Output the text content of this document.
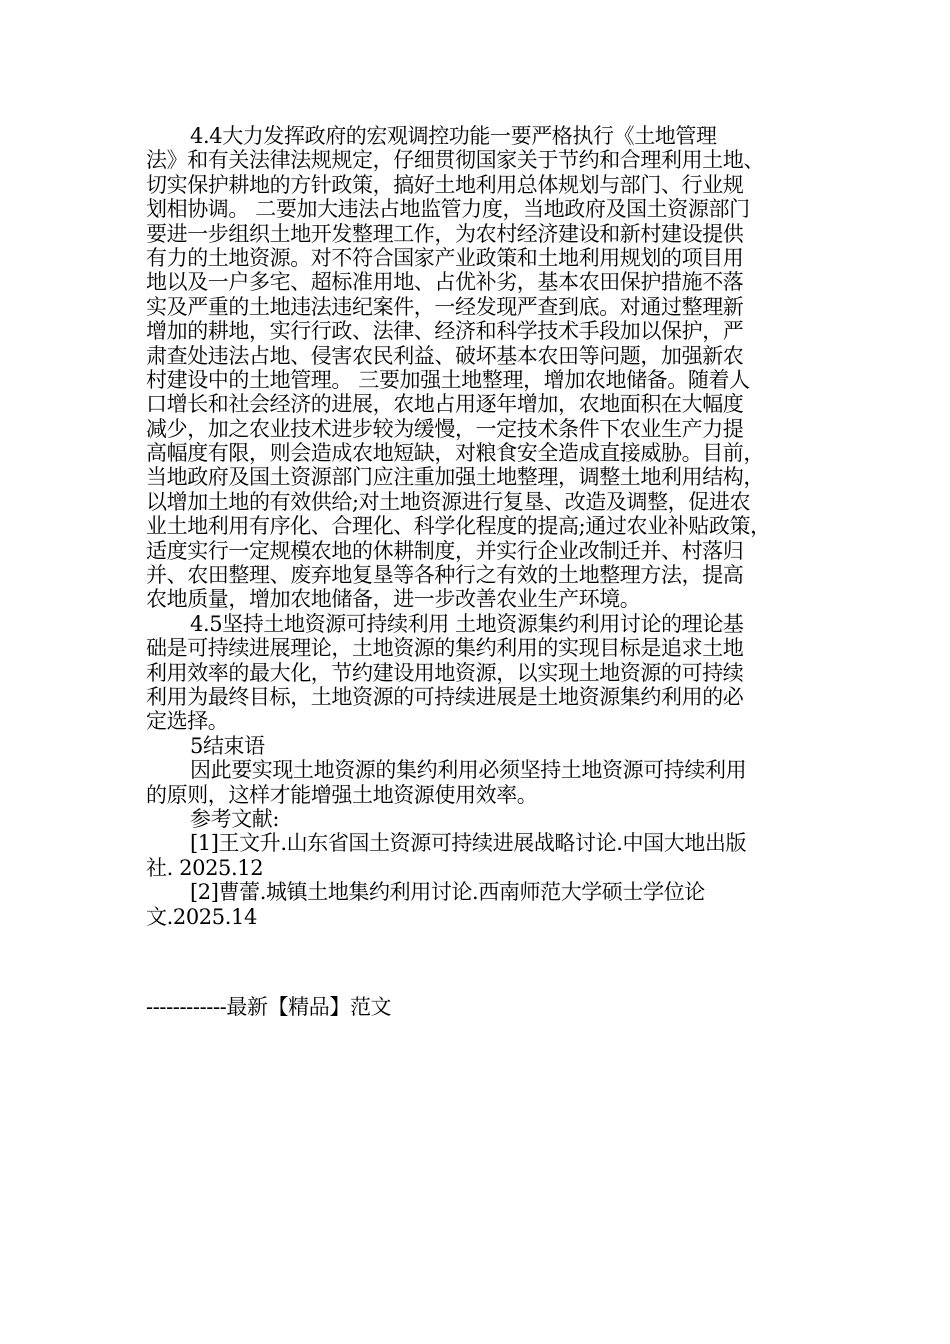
4.4大力发挥政府的宏观调控功能一要严格执行《土地管理
法》和有关法律法规规定，仔细贯彻国家关于节约和合理利用土地、
切实保护耕地的方针政策，搞好土地利用总体规划与部门、行业规
划相协调。 二要加大违法占地监管力度，当地政府及国土资源部门
要进一步组织土地开发整理工作，为农村经济建设和新村建设提供
有力的土地资源。对不符合国家产业政策和土地利用规划的项目用
地以及一户多宅、超标准用地、占优补劣，基本农田保护措施不落
实及严重的土地违法违纪案件，一经发现严查到底。对通过整理新
增加的耕地，实行行政、法律、经济和科学技术手段加以保护，严
肃查处违法占地、侵害农民利益、破坏基本农田等问题，加强新农
村建设中的土地管理。 三要加强土地整理，增加农地储备。随着人
口增长和社会经济的进展，农地占用逐年增加，农地面积在大幅度
减少，加之农业技术进步较为缓慢，一定技术条件下农业生产力提
高幅度有限，则会造成农地短缺，对粮食安全造成直接威胁。目前，
当地政府及国土资源部门应注重加强土地整理，调整土地利用结构，
以增加土地的有效供给;对土地资源进行复垦、改造及调整，促进农
业土地利用有序化、合理化、科学化程度的提高;通过农业补贴政策，
适度实行一定规模农地的休耕制度，并实行企业改制迁并、村落归
并、农田整理、废弃地复垦等各种行之有效的土地整理方法，提高
农地质量，增加农地储备，进一步改善农业生产环境。
4.5坚持土地资源可持续利用 土地资源集约利用讨论的理论基
础是可持续进展理论，土地资源的集约利用的实现目标是追求土地
利用效率的最大化，节约建设用地资源，以实现土地资源的可持续
利用为最终目标，土地资源的可持续进展是土地资源集约利用的必
定选择。
5结束语
因此要实现土地资源的集约利用必须坚持土地资源可持续利用
的原则，这样才能增强土地资源使用效率。
参考文献:
[1]王文升.山东省国土资源可持续进展战略讨论.中国大地出版
社. 2025.12
[2]曹蕾.城镇土地集约利用讨论.西南师范大学硕士学位论
文.2025.14
------------最新【精品】范文
